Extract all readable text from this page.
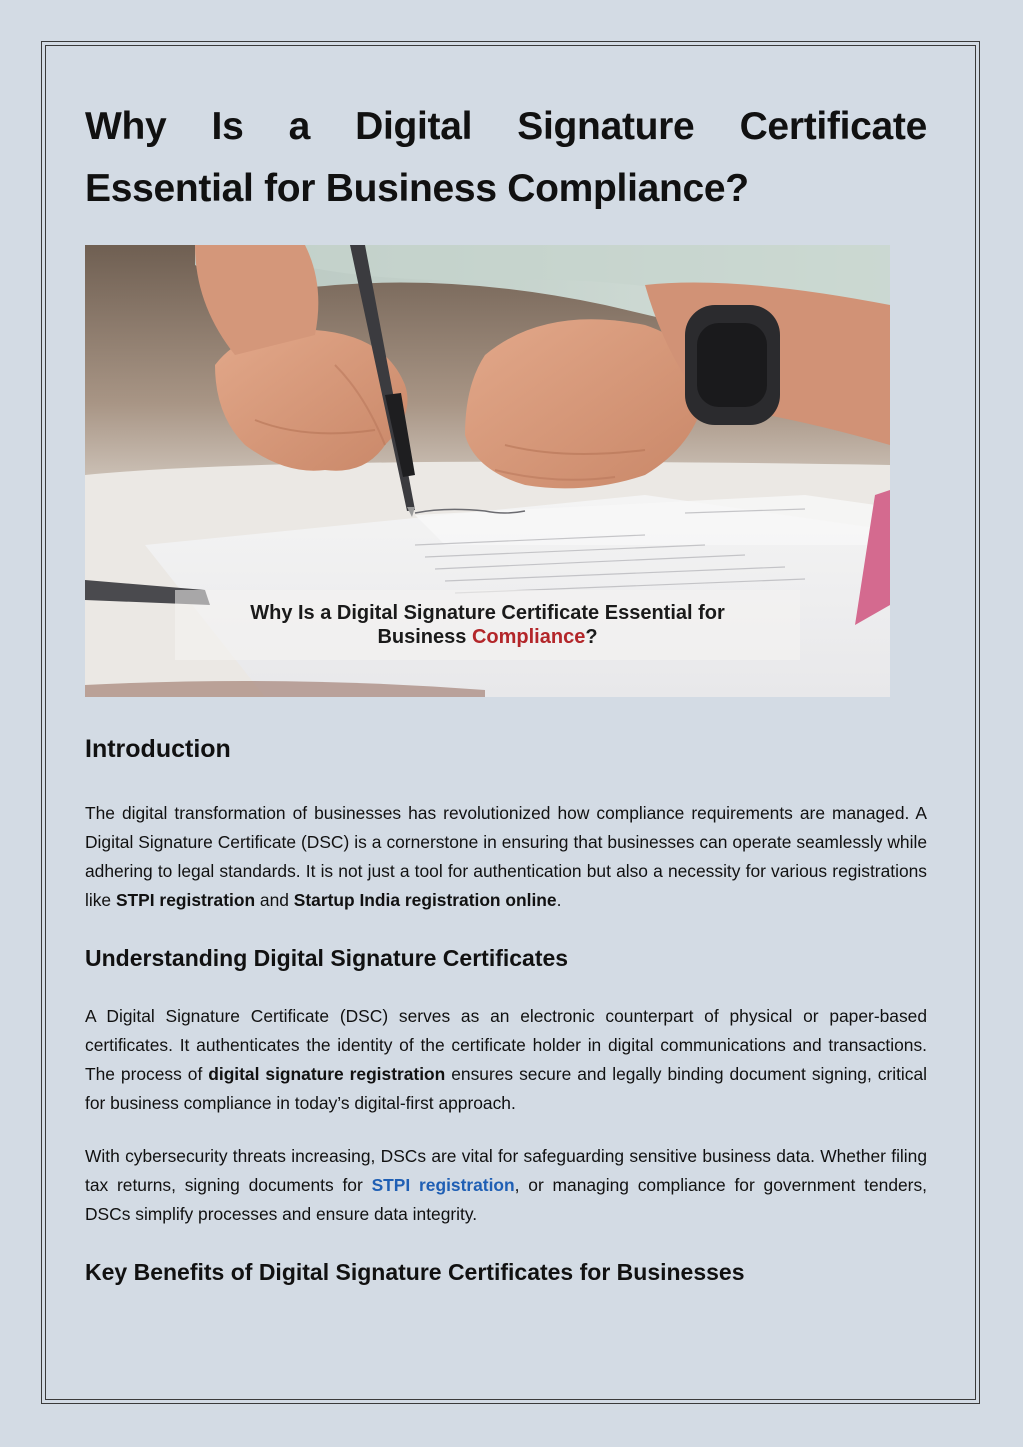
Why Is a Digital Signature Certificate
Essential for Business Compliance?
Why Is a Digital Signature Certificate Essential for
Business Compliance?
Introduction

The digital transformation of businesses has revolutionized how compliance requirements are managed. A Digital Signature Certificate (DSC) is a cornerstone in ensuring that businesses can operate seamlessly while adhering to legal standards. It is not just a tool for authentication but also a necessity for various registrations like STPI registration and Startup India registration online.

Understanding Digital Signature Certificates

A Digital Signature Certificate (DSC) serves as an electronic counterpart of physical or paper-based certificates. It authenticates the identity of the certificate holder in digital communications and transactions. The process of digital signature registration ensures secure and legally binding document signing, critical for business compliance in today’s digital-first approach.

With cybersecurity threats increasing, DSCs are vital for safeguarding sensitive business data. Whether filing tax returns, signing documents for STPI registration, or managing compliance for government tenders, DSCs simplify processes and ensure data integrity.

Key Benefits of Digital Signature Certificates for Businesses
